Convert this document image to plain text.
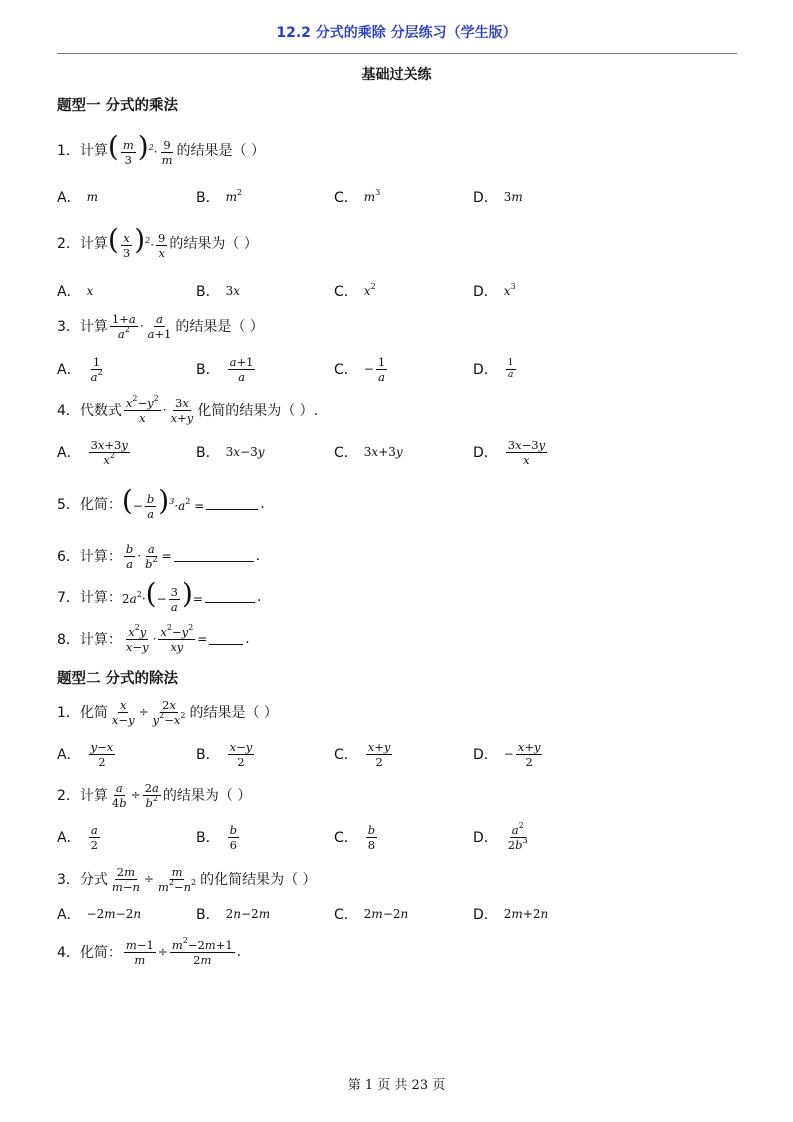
12.2 分式的乘除 分层练习（学生版）
基础过关练
题型一 分式的乘法
1． 计算 ( $\frac{m}{3} )^2\cdot \frac{9}{m}$ 的结果是（ ）
A． m	B． $m^2$	C． $m^3$	D． 3m
2． 计算 ( $\frac{x}{3} )^2\cdot \frac{9}{x}$ 的结果为（ ）
A． x	B． 3x	C． $x^2$	D． $x^3$
3． 计算 $\frac{1+a}{a^2} \cdot \frac{a}{a+1}$ 的结果是（ ）
A． $\frac{1}{a^2}$	B． $\frac{a+1}{a}$	C． − $\frac{1}{a}$	D． $\frac{1}{a}$
4． 代数式 $\frac{x^2-y^2}{x} \cdot \frac{3x}{x+y}$ 化简的结果为（ ）.
A． $\frac{3x+3y}{x^2}$	B． 3x−3y	C． 3x+3y	D． $\frac{3x-3y}{x}$
5． 化简： (− $\frac{b}{a} )^3\cdot a^2$ =	.
6． 计算： $\frac{b}{a} \cdot \frac{a}{b^2}$ =	.
7． 计算： $2a^2\cdot(- \frac{3}{a}$ )=	.
8． 计算： $\frac{x^2y}{x-y} \cdot \frac{x^2-y^2}{xy}$ =	.
题型二 分式的除法
1． 化简 $\frac{x}{x-y} \div \frac{2x}{y^2-x^2}$ 的结果是（ ）
A． $\frac{y-x}{2}$	B． $\frac{x-y}{2}$	C． $\frac{x+y}{2}$	D． − $\frac{x+y}{2}$
2． 计算 $\frac{a}{4b} \div \frac{2a}{b^2}$ 的结果为（ ）
A． $\frac{a}{2}$	B． $\frac{b}{6}$	C． $\frac{b}{8}$	D． $\frac{a^2}{2b^3}$
3． 分式 $\frac{2m}{m-n} \div \frac{m}{m^2-n^2}$ 的化简结果为（ ）
A． −2m−2n	B． 2n−2m	C． 2m−2n	D． 2m+2n
4． 化简： $\frac{m-1}{m} \div \frac{m^2-2m+1}{2m}$ .
第 1 页 共 23 页
